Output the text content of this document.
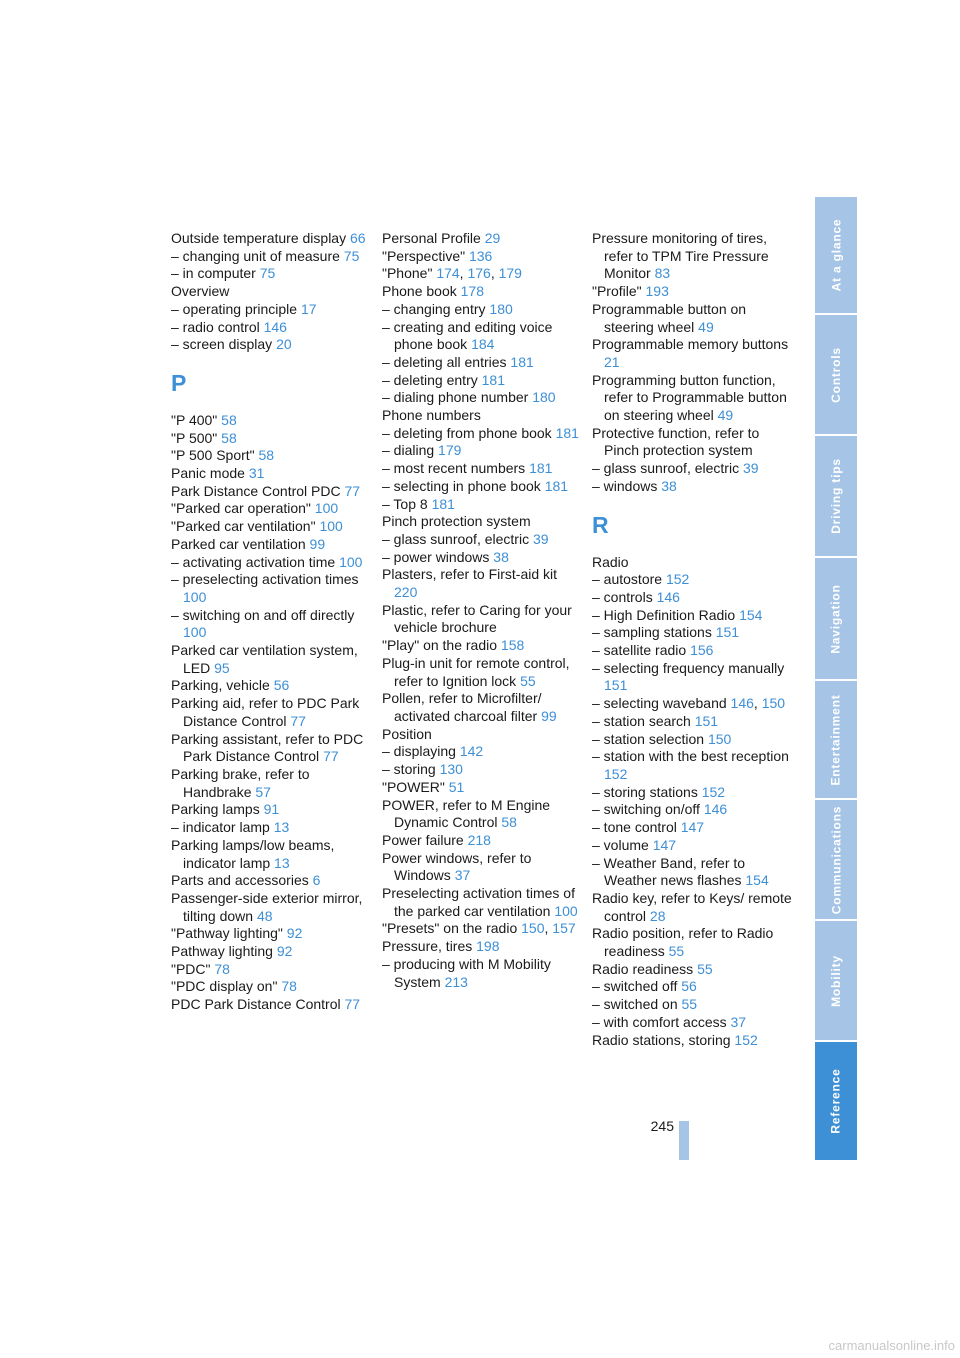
Outside temperature display 66
– changing unit of measure 75
– in computer 75
Overview
– operating principle 17
– radio control 146
– screen display 20
P
"P 400" 58
"P 500" 58
"P 500 Sport" 58
Panic mode 31
Park Distance Control PDC 77
"Parked car operation" 100
"Parked car ventilation" 100
Parked car ventilation 99
– activating activation time 100
– preselecting activation times 100
– switching on and off directly 100
Parked car ventilation system, LED 95
Parking, vehicle 56
Parking aid, refer to PDC Park Distance Control 77
Parking assistant, refer to PDC Park Distance Control 77
Parking brake, refer to Handbrake 57
Parking lamps 91
– indicator lamp 13
Parking lamps/low beams, indicator lamp 13
Parts and accessories 6
Passenger-side exterior mirror, tilting down 48
"Pathway lighting" 92
Pathway lighting 92
"PDC" 78
"PDC display on" 78
PDC Park Distance Control 77
Personal Profile 29
"Perspective" 136
"Phone" 174, 176, 179
Phone book 178
– changing entry 180
– creating and editing voice phone book 184
– deleting all entries 181
– deleting entry 181
– dialing phone number 180
Phone numbers
– deleting from phone book 181
– dialing 179
– most recent numbers 181
– selecting in phone book 181
– Top 8 181
Pinch protection system
– glass sunroof, electric 39
– power windows 38
Plasters, refer to First-aid kit 220
Plastic, refer to Caring for your vehicle brochure
"Play" on the radio 158
Plug-in unit for remote control, refer to Ignition lock 55
Pollen, refer to Microfilter/ activated charcoal filter 99
Position
– displaying 142
– storing 130
"POWER" 51
POWER, refer to M Engine Dynamic Control 58
Power failure 218
Power windows, refer to Windows 37
Preselecting activation times of the parked car ventilation 100
"Presets" on the radio 150, 157
Pressure, tires 198
– producing with M Mobility System 213
Pressure monitoring of tires, refer to TPM Tire Pressure Monitor 83
"Profile" 193
Programmable button on steering wheel 49
Programmable memory buttons 21
Programming button function, refer to Programmable button on steering wheel 49
Protective function, refer to Pinch protection system
– glass sunroof, electric 39
– windows 38
R
Radio
– autostore 152
– controls 146
– High Definition Radio 154
– sampling stations 151
– satellite radio 156
– selecting frequency manually 151
– selecting waveband 146, 150
– station search 151
– station selection 150
– station with the best reception 152
– storing stations 152
– switching on/off 146
– tone control 147
– volume 147
– Weather Band, refer to Weather news flashes 154
Radio key, refer to Keys/ remote control 28
Radio position, refer to Radio readiness 55
Radio readiness 55
– switched off 56
– switched on 55
– with comfort access 37
Radio stations, storing 152
At a glance
Controls
Driving tips
Navigation
Entertainment
Communications
Mobility
Reference
245
carmanualsonline.info
